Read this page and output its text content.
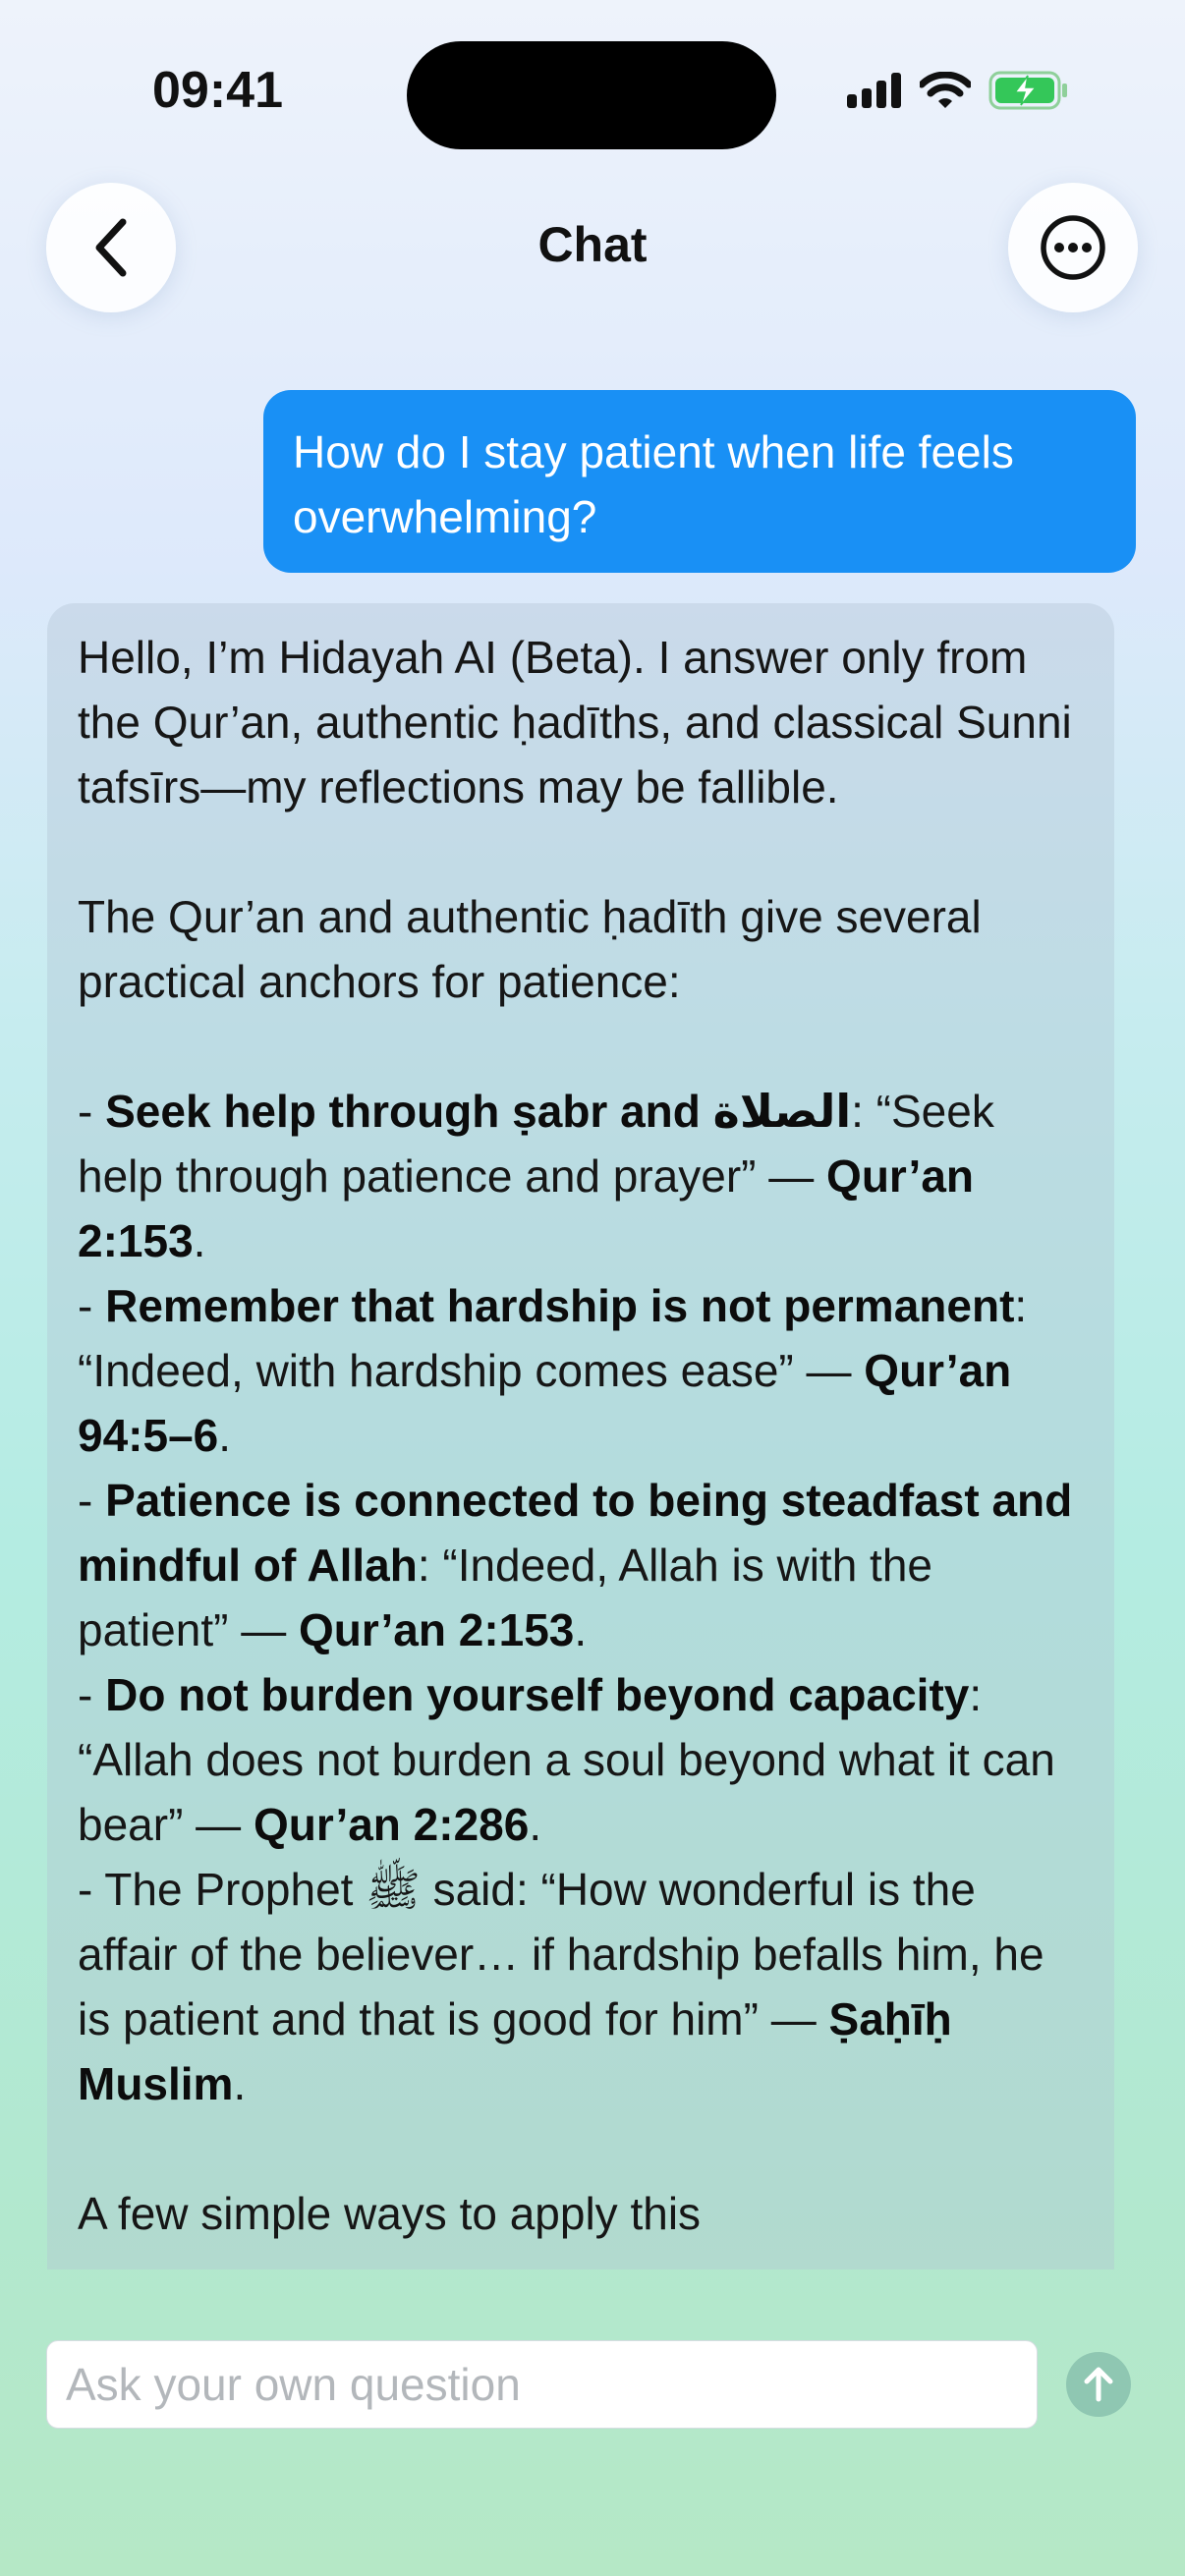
09:41
Chat
How do I stay patient when life feels overwhelming?

Hello, I’m Hidayah AI (Beta). I answer only from the Qur’an, authentic ḥadīths, and classical Sunni tafsīrs—my reflections may be fallible.

The Qur’an and authentic ḥadīth give several practical anchors for patience:

- Seek help through ṣabr and الصلاة: “Seek help through patience and prayer” — Qur’an 2:153.

- Remember that hardship is not permanent: “Indeed, with hardship comes ease” — Qur’an 94:5–6.

- Patience is connected to being steadfast and mindful of Allah: “Indeed, Allah is with the patient” — Qur’an 2:153.

- Do not burden yourself beyond capacity: “Allah does not burden a soul beyond what it can bear” — Qur’an 2:286.

- The Prophet ﷺ said: “How wonderful is the affair of the believer… if hardship befalls him, he is patient and that is good for him” — Ṣaḥīḥ Muslim.

A few simple ways to apply this

Ask your own question
